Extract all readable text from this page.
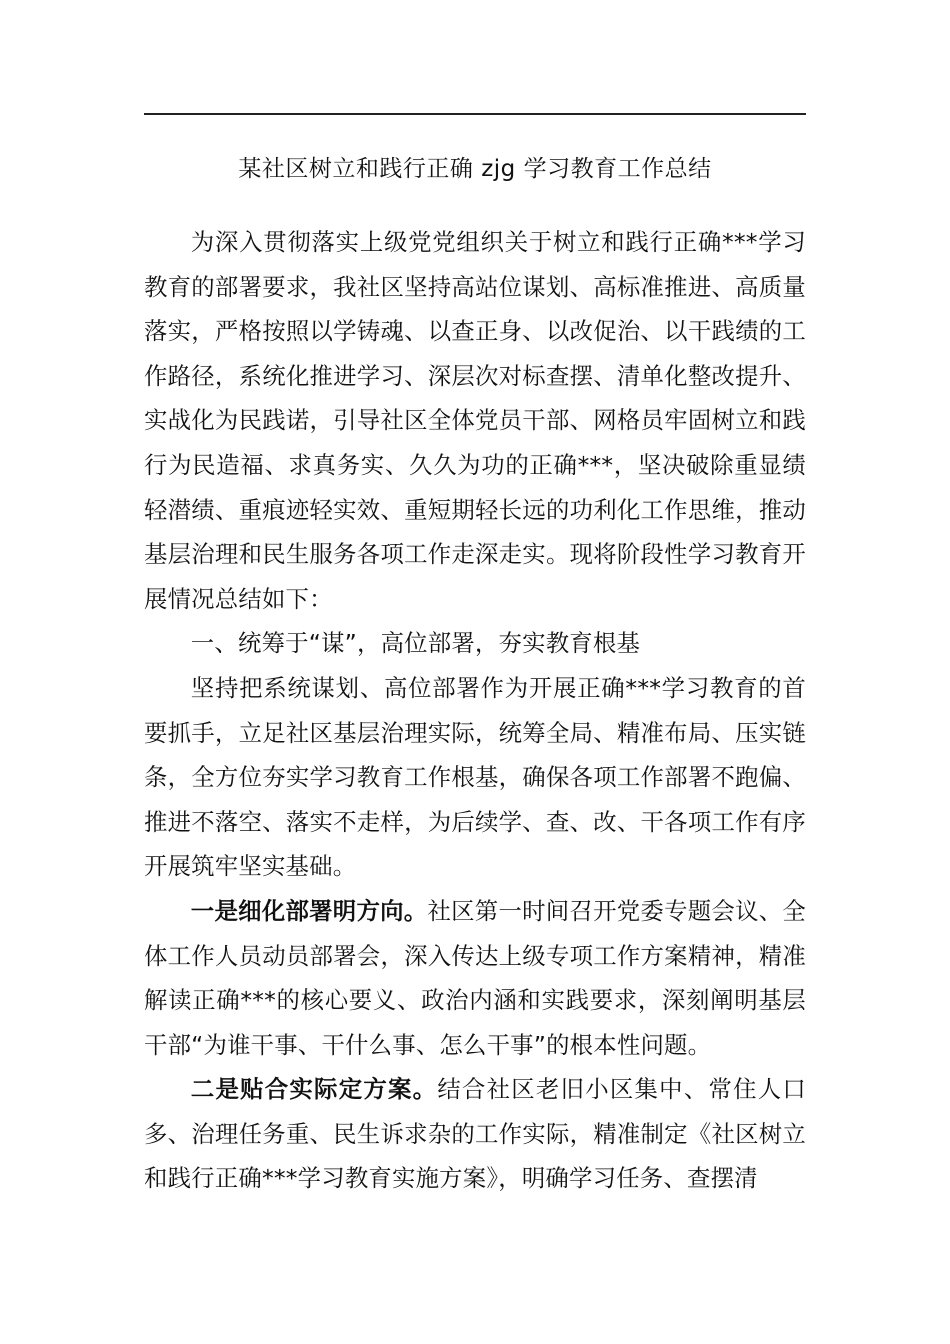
某社区树立和践行正确 zjg 学习教育工作总结

为深入贯彻落实上级党党组织关于树立和践行正确***学习教育的部署要求，我社区坚持高站位谋划、高标准推进、高质量落实，严格按照以学铸魂、以查正身、以改促治、以干践绩的工作路径，系统化推进学习、深层次对标查摆、清单化整改提升、实战化为民践诺，引导社区全体党员干部、网格员牢固树立和践行为民造福、求真务实、久久为功的正确***，坚决破除重显绩轻潜绩、重痕迹轻实效、重短期轻长远的功利化工作思维，推动基层治理和民生服务各项工作走深走实。现将阶段性学习教育开展情况总结如下：

一、统筹于“谋”，高位部署，夯实教育根基

坚持把系统谋划、高位部署作为开展正确***学习教育的首要抓手，立足社区基层治理实际，统筹全局、精准布局、压实链条，全方位夯实学习教育工作根基，确保各项工作部署不跑偏、推进不落空、落实不走样，为后续学、查、改、干各项工作有序开展筑牢坚实基础。

一是细化部署明方向。社区第一时间召开党委专题会议、全体工作人员动员部署会，深入传达上级专项工作方案精神，精准解读正确***的核心要义、政治内涵和实践要求，深刻阐明基层干部“为谁干事、干什么事、怎么干事”的根本性问题。

二是贴合实际定方案。结合社区老旧小区集中、常住人口多、治理任务重、民生诉求杂的工作实际，精准制定《社区树立和践行正确***学习教育实施方案》，明确学习任务、查摆清
